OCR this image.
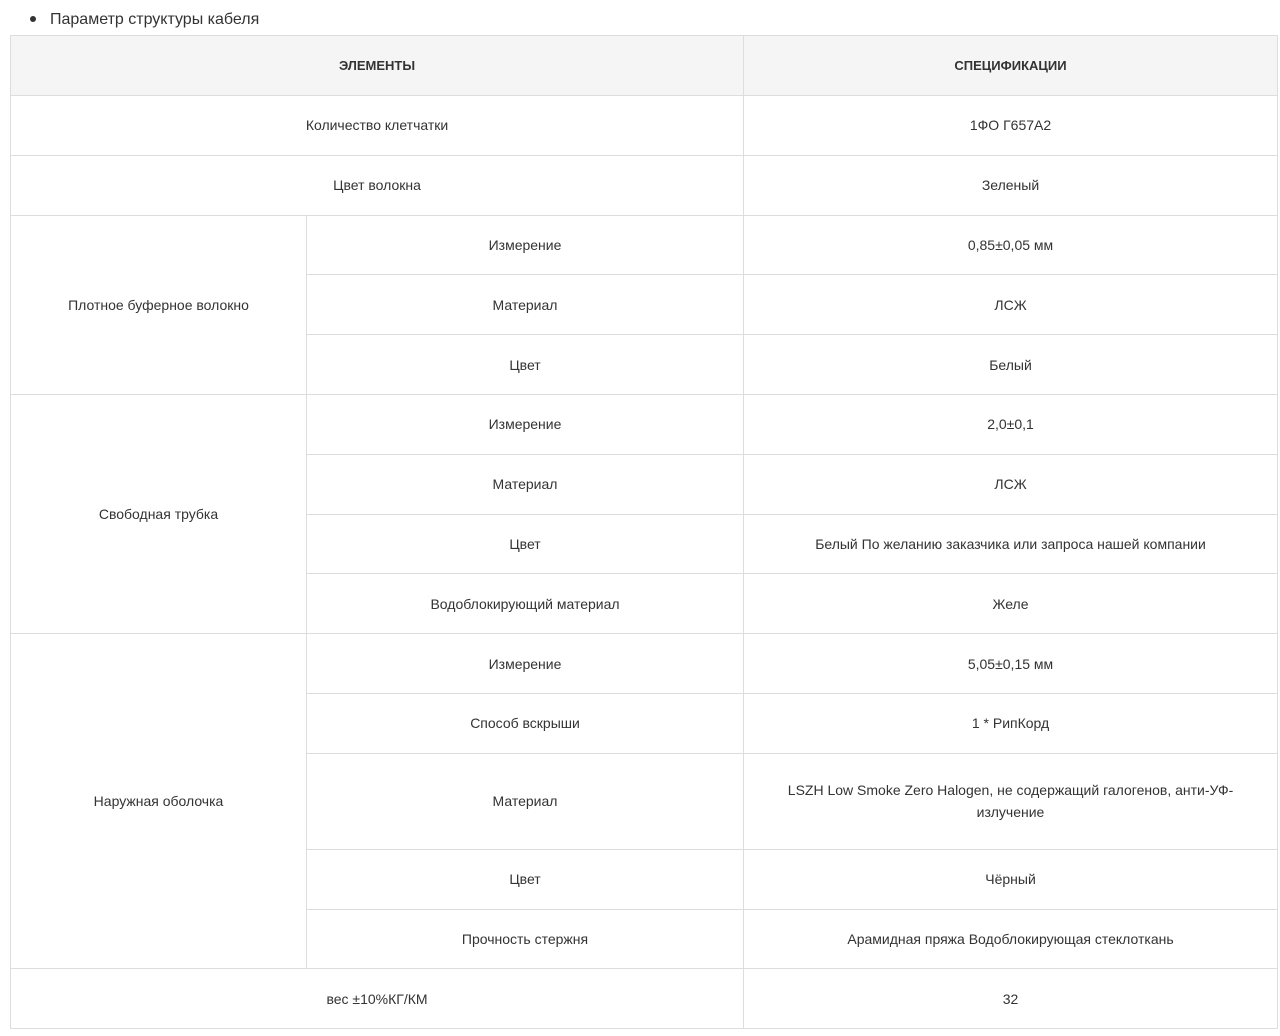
Параметр структуры кабеля
ЭЛЕМЕНТЫ		СПЕЦИФИКАЦИИ
Количество клетчатки		1ФО Г657А2
Цвет волокна		Зеленый
Плотное буферное волокно	Измерение	0,85±0,05 мм
	Материал	ЛСЖ
	Цвет	Белый
Свободная трубка	Измерение	2,0±0,1
	Материал	ЛСЖ
	Цвет	Белый По желанию заказчика или запроса нашей компании
	Водоблокирующий материал	Желе
Наружная оболочка	Измерение	5,05±0,15 мм
	Способ вскрыши	1 * РипКорд
	Материал	LSZH Low Smoke Zero Halogen, не содержащий галогенов, анти-УФ-излучение
	Цвет	Чёрный
	Прочность стержня	Арамидная пряжа Водоблокирующая стеклоткань
вес ±10%КГ/КМ		32
